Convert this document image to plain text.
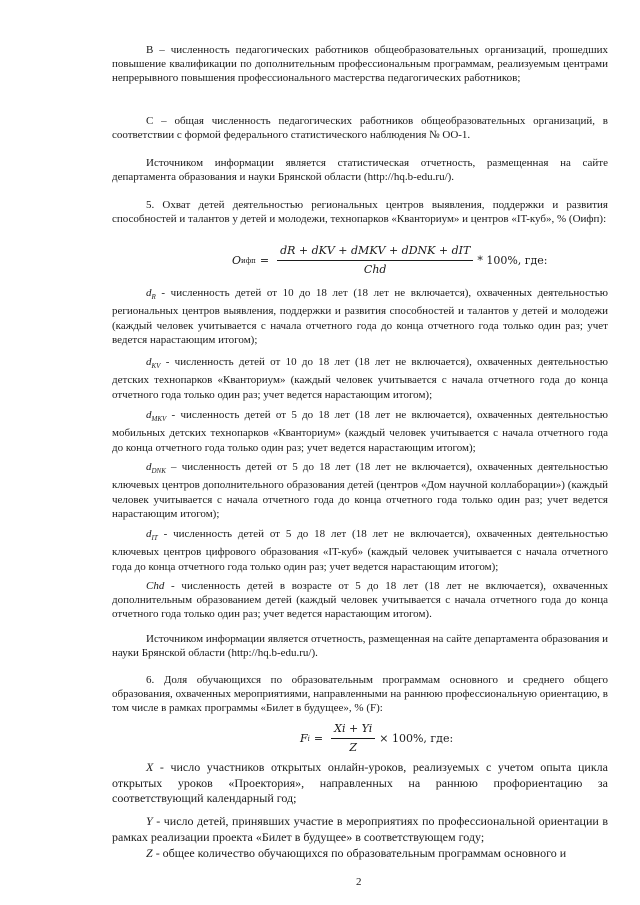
B – численность педагогических работников общеобразовательных организаций, прошедших повышение квалификации по дополнительным профессиональным программам, реализуемым центрами непрерывного повышения профессионального мастерства педагогических работников;

C – общая численность педагогических работников общеобразовательных организаций, в соответствии с формой федерального статистического наблюдения № ОО-1.

Источником информации является статистическая отчетность, размещенная на сайте департамента образования и науки Брянской области (http://hq.b-edu.ru/).

5. Охват детей деятельностью региональных центров выявления, поддержки и развития способностей и талантов у детей и молодежи, технопарков «Кванториум» и центров «IT-куб», % (Oифп):

O ифп = $\frac{\text{dR + dKV + dMKV + dDNK + dIT}}{\text{Chd}} * 100\%$, где:

$d_R$ - численность детей от 10 до 18 лет (18 лет не включается), охваченных деятельностью региональных центров выявления, поддержки и развития способностей и талантов у детей и молодежи (каждый человек учитывается с начала отчетного года до конца отчетного года только один раз; учет ведется нарастающим итогом);

$d_{KV}$ - численность детей от 10 до 18 лет (18 лет не включается), охваченных деятельностью детских технопарков «Кванториум» (каждый человек учитывается с начала отчетного года до конца отчетного года только один раз; учет ведется нарастающим итогом);

$d_{MKV}$ - численность детей от 5 до 18 лет (18 лет не включается), охваченных деятельностью мобильных детских технопарков «Кванториум» (каждый человек учитывается с начала отчетного года до конца отчетного года только один раз; учет ведется нарастающим итогом);

$d_{DNK}$ – численность детей от 5 до 18 лет (18 лет не включается), охваченных деятельностью ключевых центров дополнительного образования детей (центров «Дом научной коллаборации») (каждый человек учитывается с начала отчетного года до конца отчетного года только один раз; учет ведется нарастающим итогом);

$d_{IT}$ - численность детей от 5 до 18 лет (18 лет не включается), охваченных деятельностью ключевых центров цифрового образования «IT-куб» (каждый человек учитывается с начала отчетного года до конца отчетного года только один раз; учет ведется нарастающим итогом);

Chd - численность детей в возрасте от 5 до 18 лет (18 лет не включается), охваченных дополнительным образованием детей (каждый человек учитывается с начала отчетного года до конца отчетного года только один раз; учет ведется нарастающим итогом).

Источником информации является отчетность, размещенная на сайте департамента образования и науки Брянской области (http://hq.b-edu.ru/).

6. Доля обучающихся по образовательным программам основного и среднего общего образования, охваченных мероприятиями, направленными на раннюю профессиональную ориентацию, в том числе в рамках программы «Билет в будущее», % (F):

F $i = \frac{Xi + Yi}{Z} \times 100\%$, где:

X - число участников открытых онлайн-уроков, реализуемых с учетом опыта цикла открытых уроков «Проектория», направленных на раннюю профориентацию за соответствующий календарный год;

Y - число детей, принявших участие в мероприятиях по профессиональной ориентации в рамках реализации проекта «Билет в будущее» в соответствующем году;

Z - общее количество обучающихся по образовательным программам основного и

2
